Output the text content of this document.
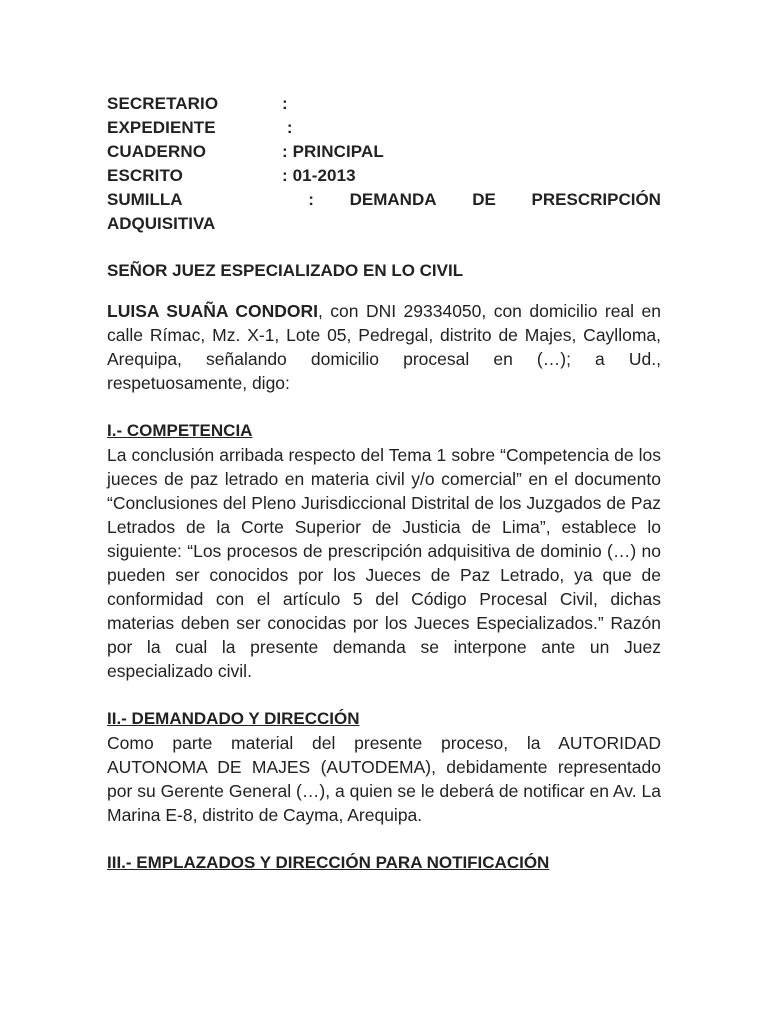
SECRETARIO	:
EXPEDIENTE	:
CUADERNO	: PRINCIPAL
ESCRITO	: 01-2013
SUMILLA	: DEMANDA DE PRESCRIPCIÓN
ADQUISITIVA
SEÑOR JUEZ ESPECIALIZADO EN LO CIVIL

LUISA SUAÑA CONDORI, con DNI 29334050, con domicilio real en calle Rímac, Mz. X-1, Lote 05, Pedregal, distrito de Majes, Caylloma, Arequipa, señalando domicilio procesal en (…); a Ud., respetuosamente, digo:

I.- COMPETENCIA

La conclusión arribada respecto del Tema 1 sobre “Competencia de los jueces de paz letrado en materia civil y/o comercial” en el documento “Conclusiones del Pleno Jurisdiccional Distrital de los Juzgados de Paz Letrados de la Corte Superior de Justicia de Lima”, establece lo siguiente: “Los procesos de prescripción adquisitiva de dominio (…) no pueden ser conocidos por los Jueces de Paz Letrado, ya que de conformidad con el artículo 5 del Código Procesal Civil, dichas materias deben ser conocidas por los Jueces Especializados.” Razón por la cual la presente demanda se interpone ante un Juez especializado civil.

II.- DEMANDADO Y DIRECCIÓN

Como parte material del presente proceso, la AUTORIDAD AUTONOMA DE MAJES (AUTODEMA), debidamente representado por su Gerente General (…), a quien se le deberá de notificar en Av. La Marina E-8, distrito de Cayma, Arequipa.

III.- EMPLAZADOS Y DIRECCIÓN PARA NOTIFICACIÓN
